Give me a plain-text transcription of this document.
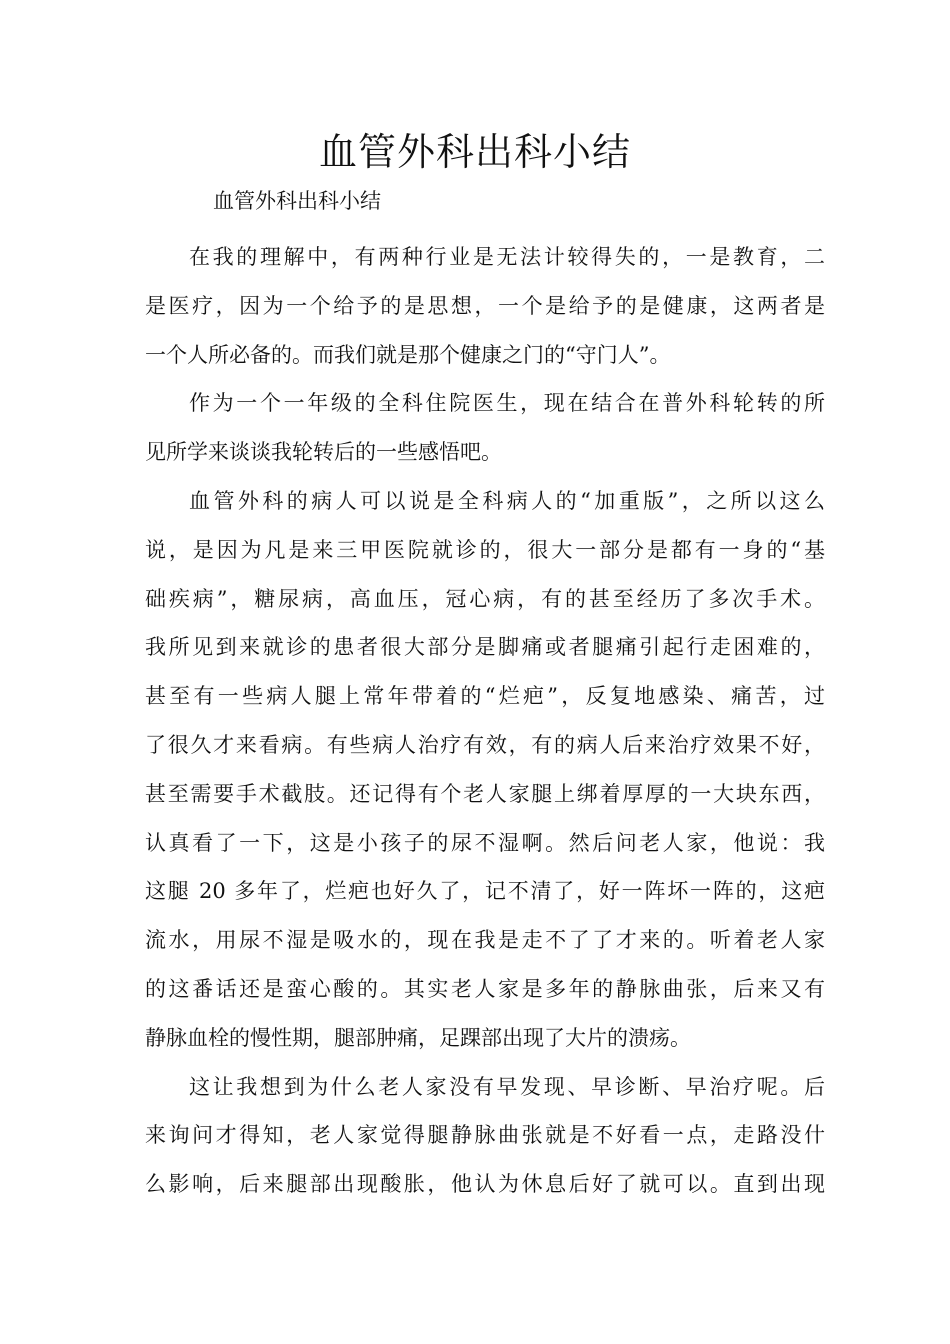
血管外科出科小结

血管外科出科小结

在我的理解中，有两种行业是无法计较得失的，一是教育，二
是医疗，因为一个给予的是思想，一个是给予的是健康，这两者是
一个人所必备的。而我们就是那个健康之门的“守门人”。

作为一个一年级的全科住院医生，现在结合在普外科轮转的所
见所学来谈谈我轮转后的一些感悟吧。

血管外科的病人可以说是全科病人的“加重版”，之所以这么
说，是因为凡是来三甲医院就诊的，很大一部分是都有一身的“基
础疾病”，糖尿病，高血压，冠心病，有的甚至经历了多次手术。
我所见到来就诊的患者很大部分是脚痛或者腿痛引起行走困难的，
甚至有一些病人腿上常年带着的“烂疤”，反复地感染、痛苦，过
了很久才来看病。有些病人治疗有效，有的病人后来治疗效果不好，
甚至需要手术截肢。还记得有个老人家腿上绑着厚厚的一大块东西，
认真看了一下，这是小孩子的尿不湿啊。然后问老人家，他说：我
这腿 20 多年了，烂疤也好久了，记不清了，好一阵坏一阵的，这疤
流水，用尿不湿是吸水的，现在我是走不了了才来的。听着老人家
的这番话还是蛮心酸的。其实老人家是多年的静脉曲张，后来又有
静脉血栓的慢性期，腿部肿痛，足踝部出现了大片的溃疡。

这让我想到为什么老人家没有早发现、早诊断、早治疗呢。后
来询问才得知，老人家觉得腿静脉曲张就是不好看一点，走路没什
么影响，后来腿部出现酸胀，他认为休息后好了就可以。直到出现
